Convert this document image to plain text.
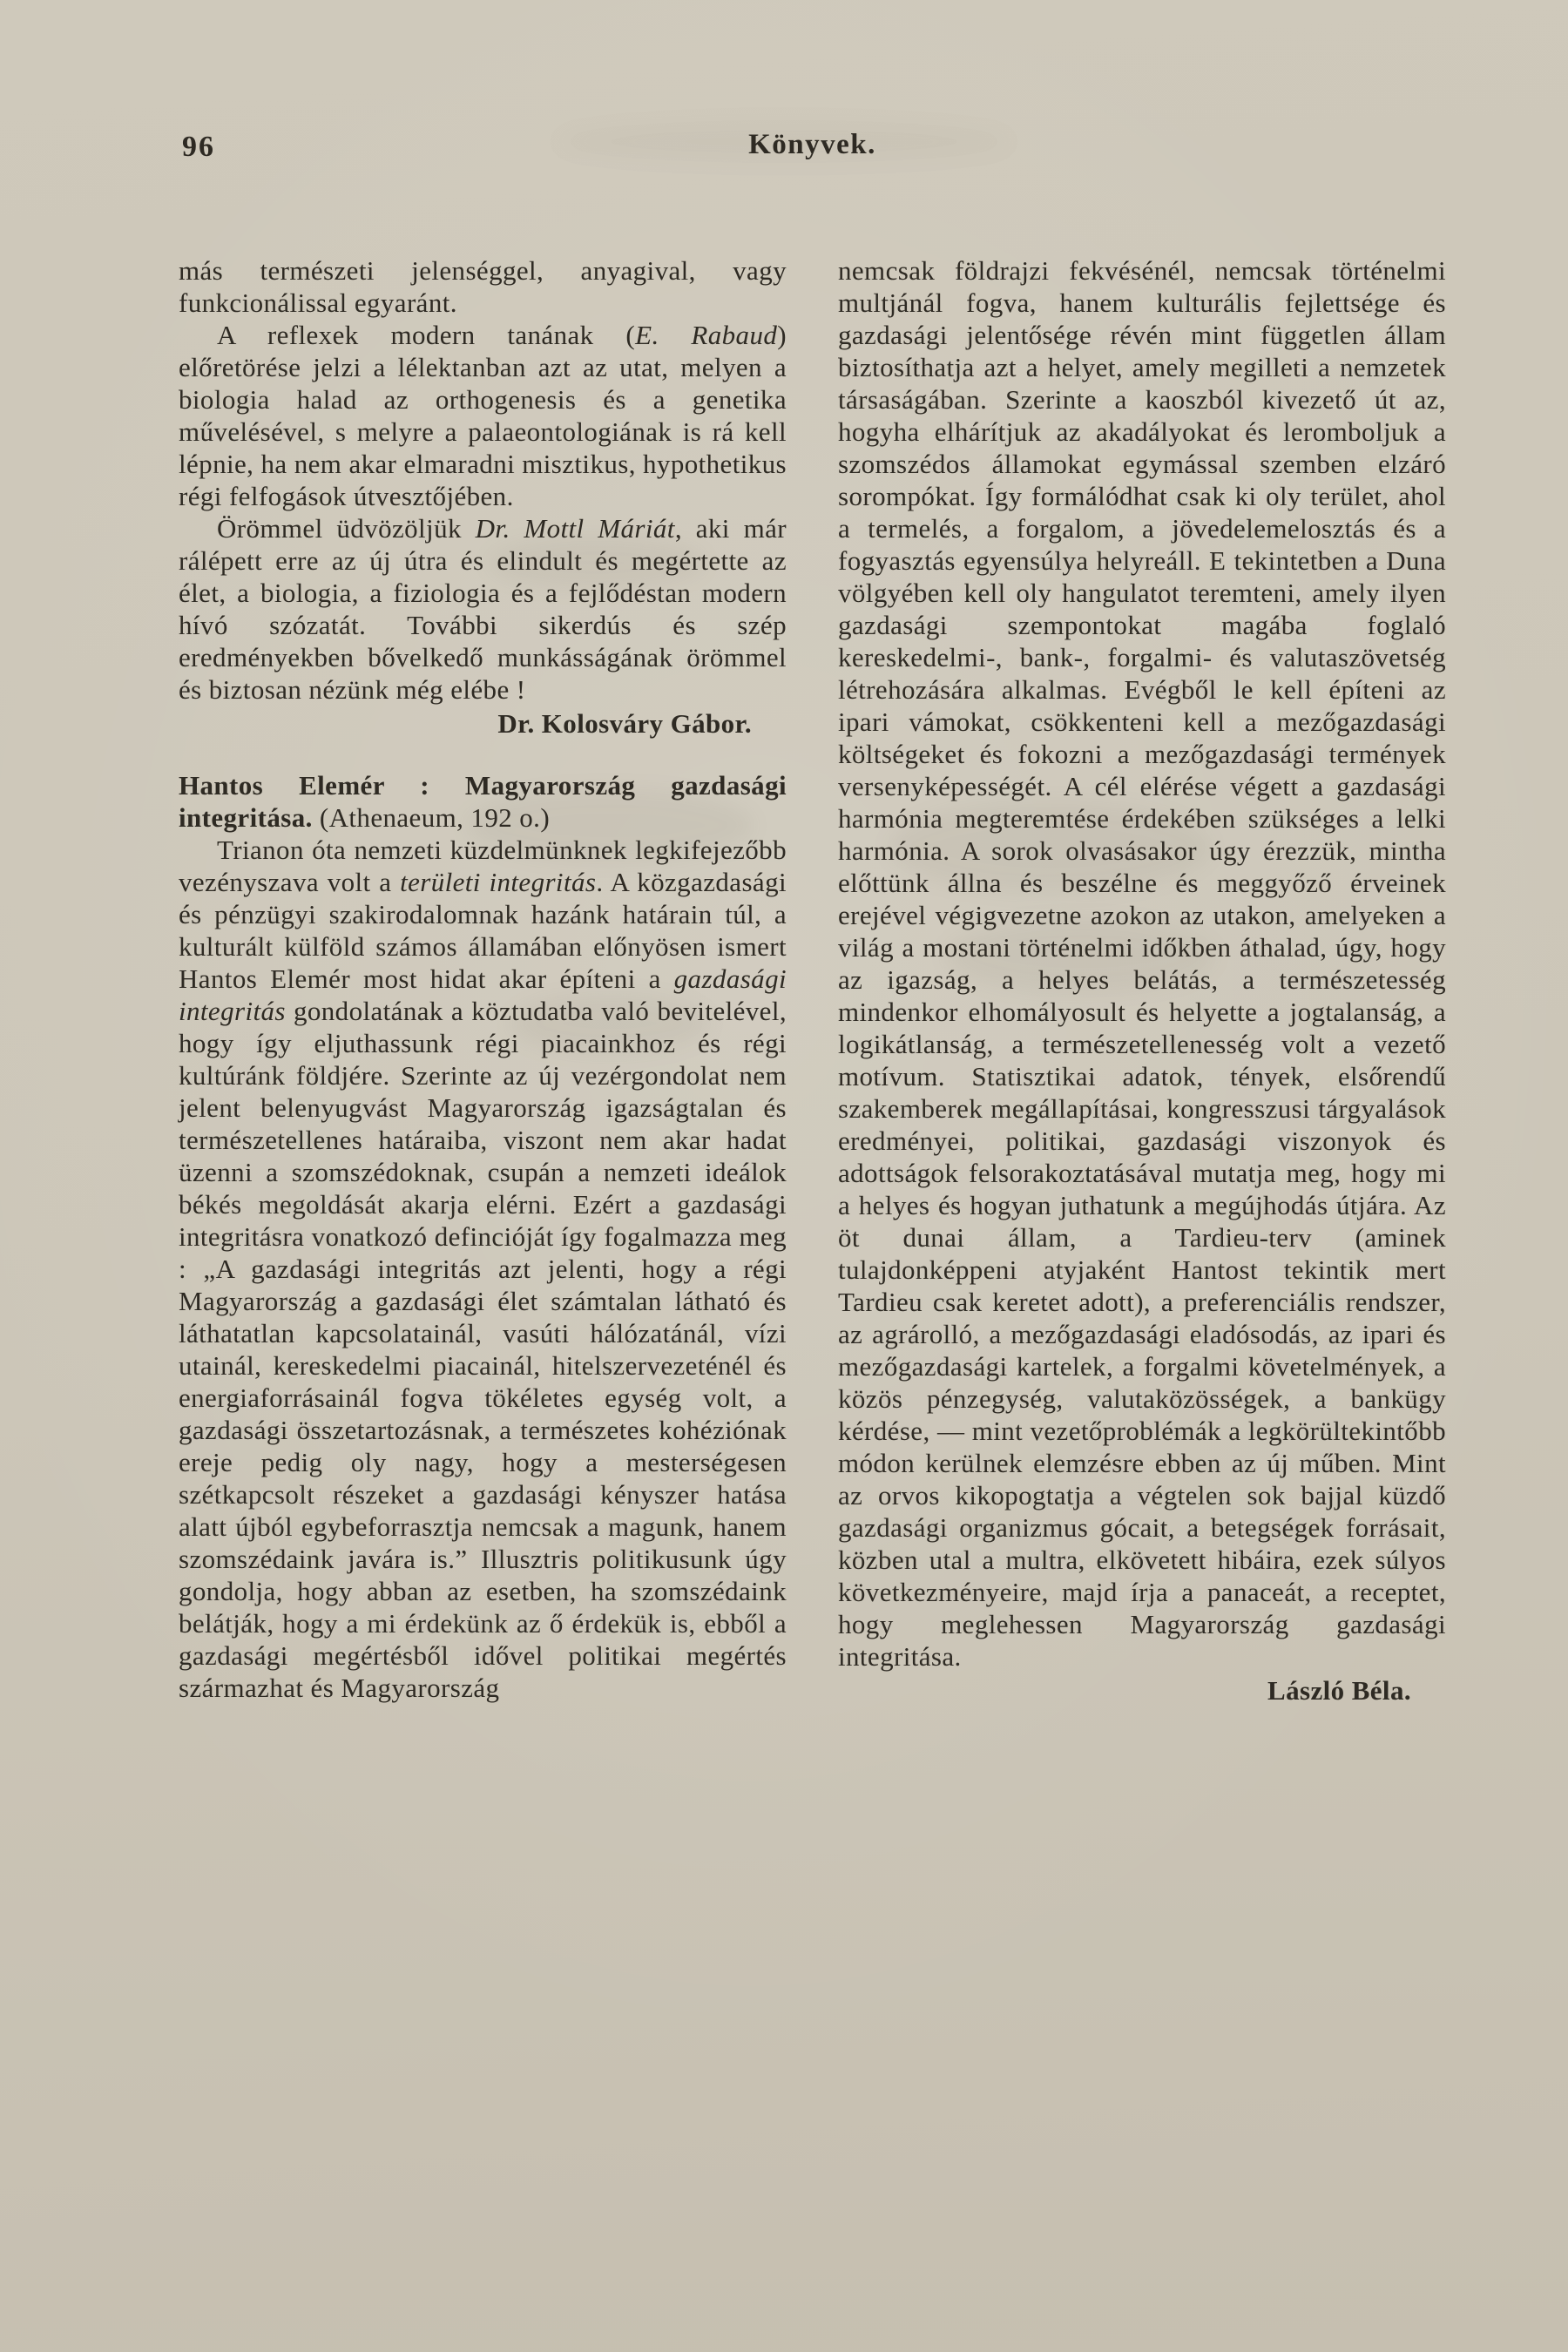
96	Könyvek.

más természeti jelenséggel, anyagival, vagy funkcionálissal egyaránt.

A reflexek modern tanának (E. Rabaud) előretörése jelzi a lélektanban azt az utat, melyen a biologia halad az orthogenesis és a genetika művelésével, s melyre a palaeontologiának is rá kell lépnie, ha nem akar elmaradni misztikus, hypothetikus régi felfogások útvesztőjében.

Örömmel üdvözöljük Dr. Mottl Máriát, aki már rálépett erre az új útra és elindult és megértette az élet, a biologia, a fiziologia és a fejlődéstan modern hívó szózatát. További sikerdús és szép eredményekben bővelkedő munkásságának örömmel és biztosan nézünk még elébe !

Dr. Kolosváry Gábor.

Hantos Elemér : Magyarország gazdasági integritása. (Athenaeum, 192 o.)

Trianon óta nemzeti küzdelmünknek legkifejezőbb vezényszava volt a területi integritás. A közgazdasági és pénzügyi szakirodalomnak hazánk határain túl, a kulturált külföld számos államában előnyösen ismert Hantos Elemér most hidat akar építeni a gazdasági integritás gondolatának a köztudatba való bevitelével, hogy így eljuthassunk régi piacainkhoz és régi kultúránk földjére. Szerinte az új vezérgondolat nem jelent belenyugvást Magyarország igazságtalan és természetellenes határaiba, viszont nem akar hadat üzenni a szomszédoknak, csupán a nemzeti ideálok békés megoldását akarja elérni. Ezért a gazdasági integritásra vonatkozó defincióját így fogalmazza meg : „A gazdasági integritás azt jelenti, hogy a régi Magyarország a gazdasági élet számtalan látható és láthatatlan kapcsolatainál, vasúti hálózatánál, vízi utainál, kereskedelmi piacainál, hitelszervezeténél és energiaforrásainál fogva tökéletes egység volt, a gazdasági összetartozásnak, a természetes kohéziónak ereje pedig oly nagy, hogy a mesterségesen szétkapcsolt részeket a gazdasági kényszer hatása alatt újból egybeforrasztja nemcsak a magunk, hanem szomszédaink javára is.” Illusztris politikusunk úgy gondolja, hogy abban az esetben, ha szomszédaink belátják, hogy a mi érdekünk az ő érdekük is, ebből a gazdasági megértésből idővel politikai megértés származhat és Magyarország

nemcsak földrajzi fekvésénél, nemcsak történelmi multjánál fogva, hanem kulturális fejlettsége és gazdasági jelentősége révén mint független állam biztosíthatja azt a helyet, amely megilleti a nemzetek társaságában. Szerinte a kaoszból kivezető út az, hogyha elhárítjuk az akadályokat és leromboljuk a szomszédos államokat egymással szemben elzáró sorompókat. Így formálódhat csak ki oly terület, ahol a termelés, a forgalom, a jövedelemelosztás és a fogyasztás egyensúlya helyreáll. E tekintetben a Duna völgyében kell oly hangulatot teremteni, amely ilyen gazdasági szempontokat magába foglaló kereskedelmi-, bank-, forgalmi- és valutaszövetség létrehozására alkalmas. Evégből le kell építeni az ipari vámokat, csökkenteni kell a mezőgazdasági költségeket és fokozni a mezőgazdasági termények versenyképességét. A cél elérése végett a gazdasági harmónia megteremtése érdekében szükséges a lelki harmónia. A sorok olvasásakor úgy érezzük, mintha előttünk állna és beszélne és meggyőző érveinek erejével végigvezetne azokon az utakon, amelyeken a világ a mostani történelmi időkben áthalad, úgy, hogy az igazság, a helyes belátás, a természetesség mindenkor elhomályosult és helyette a jogtalanság, a logikátlanság, a természetellenesség volt a vezető motívum. Statisztikai adatok, tények, elsőrendű szakemberek megállapításai, kongresszusi tárgyalások eredményei, politikai, gazdasági viszonyok és adottságok felsorakoztatásával mutatja meg, hogy mi a helyes és hogyan juthatunk a megújhodás útjára. Az öt dunai állam, a Tardieu-terv (aminek tulajdonképpeni atyjaként Hantost tekintik mert Tardieu csak keretet adott), a preferenciális rendszer, az agrárolló, a mezőgazdasági eladósodás, az ipari és mezőgazdasági kartelek, a forgalmi követelmények, a közös pénzegység, valutaközösségek, a bankügy kérdése, — mint vezetőproblémák a legkörültekintőbb módon kerülnek elemzésre ebben az új műben. Mint az orvos kikopogtatja a végtelen sok bajjal küzdő gazdasági organizmus gócait, a betegségek forrásait, közben utal a multra, elkövetett hibáira, ezek súlyos következményeire, majd írja a panaceát, a receptet, hogy meglehessen Magyarország gazdasági integritása.

László Béla.
